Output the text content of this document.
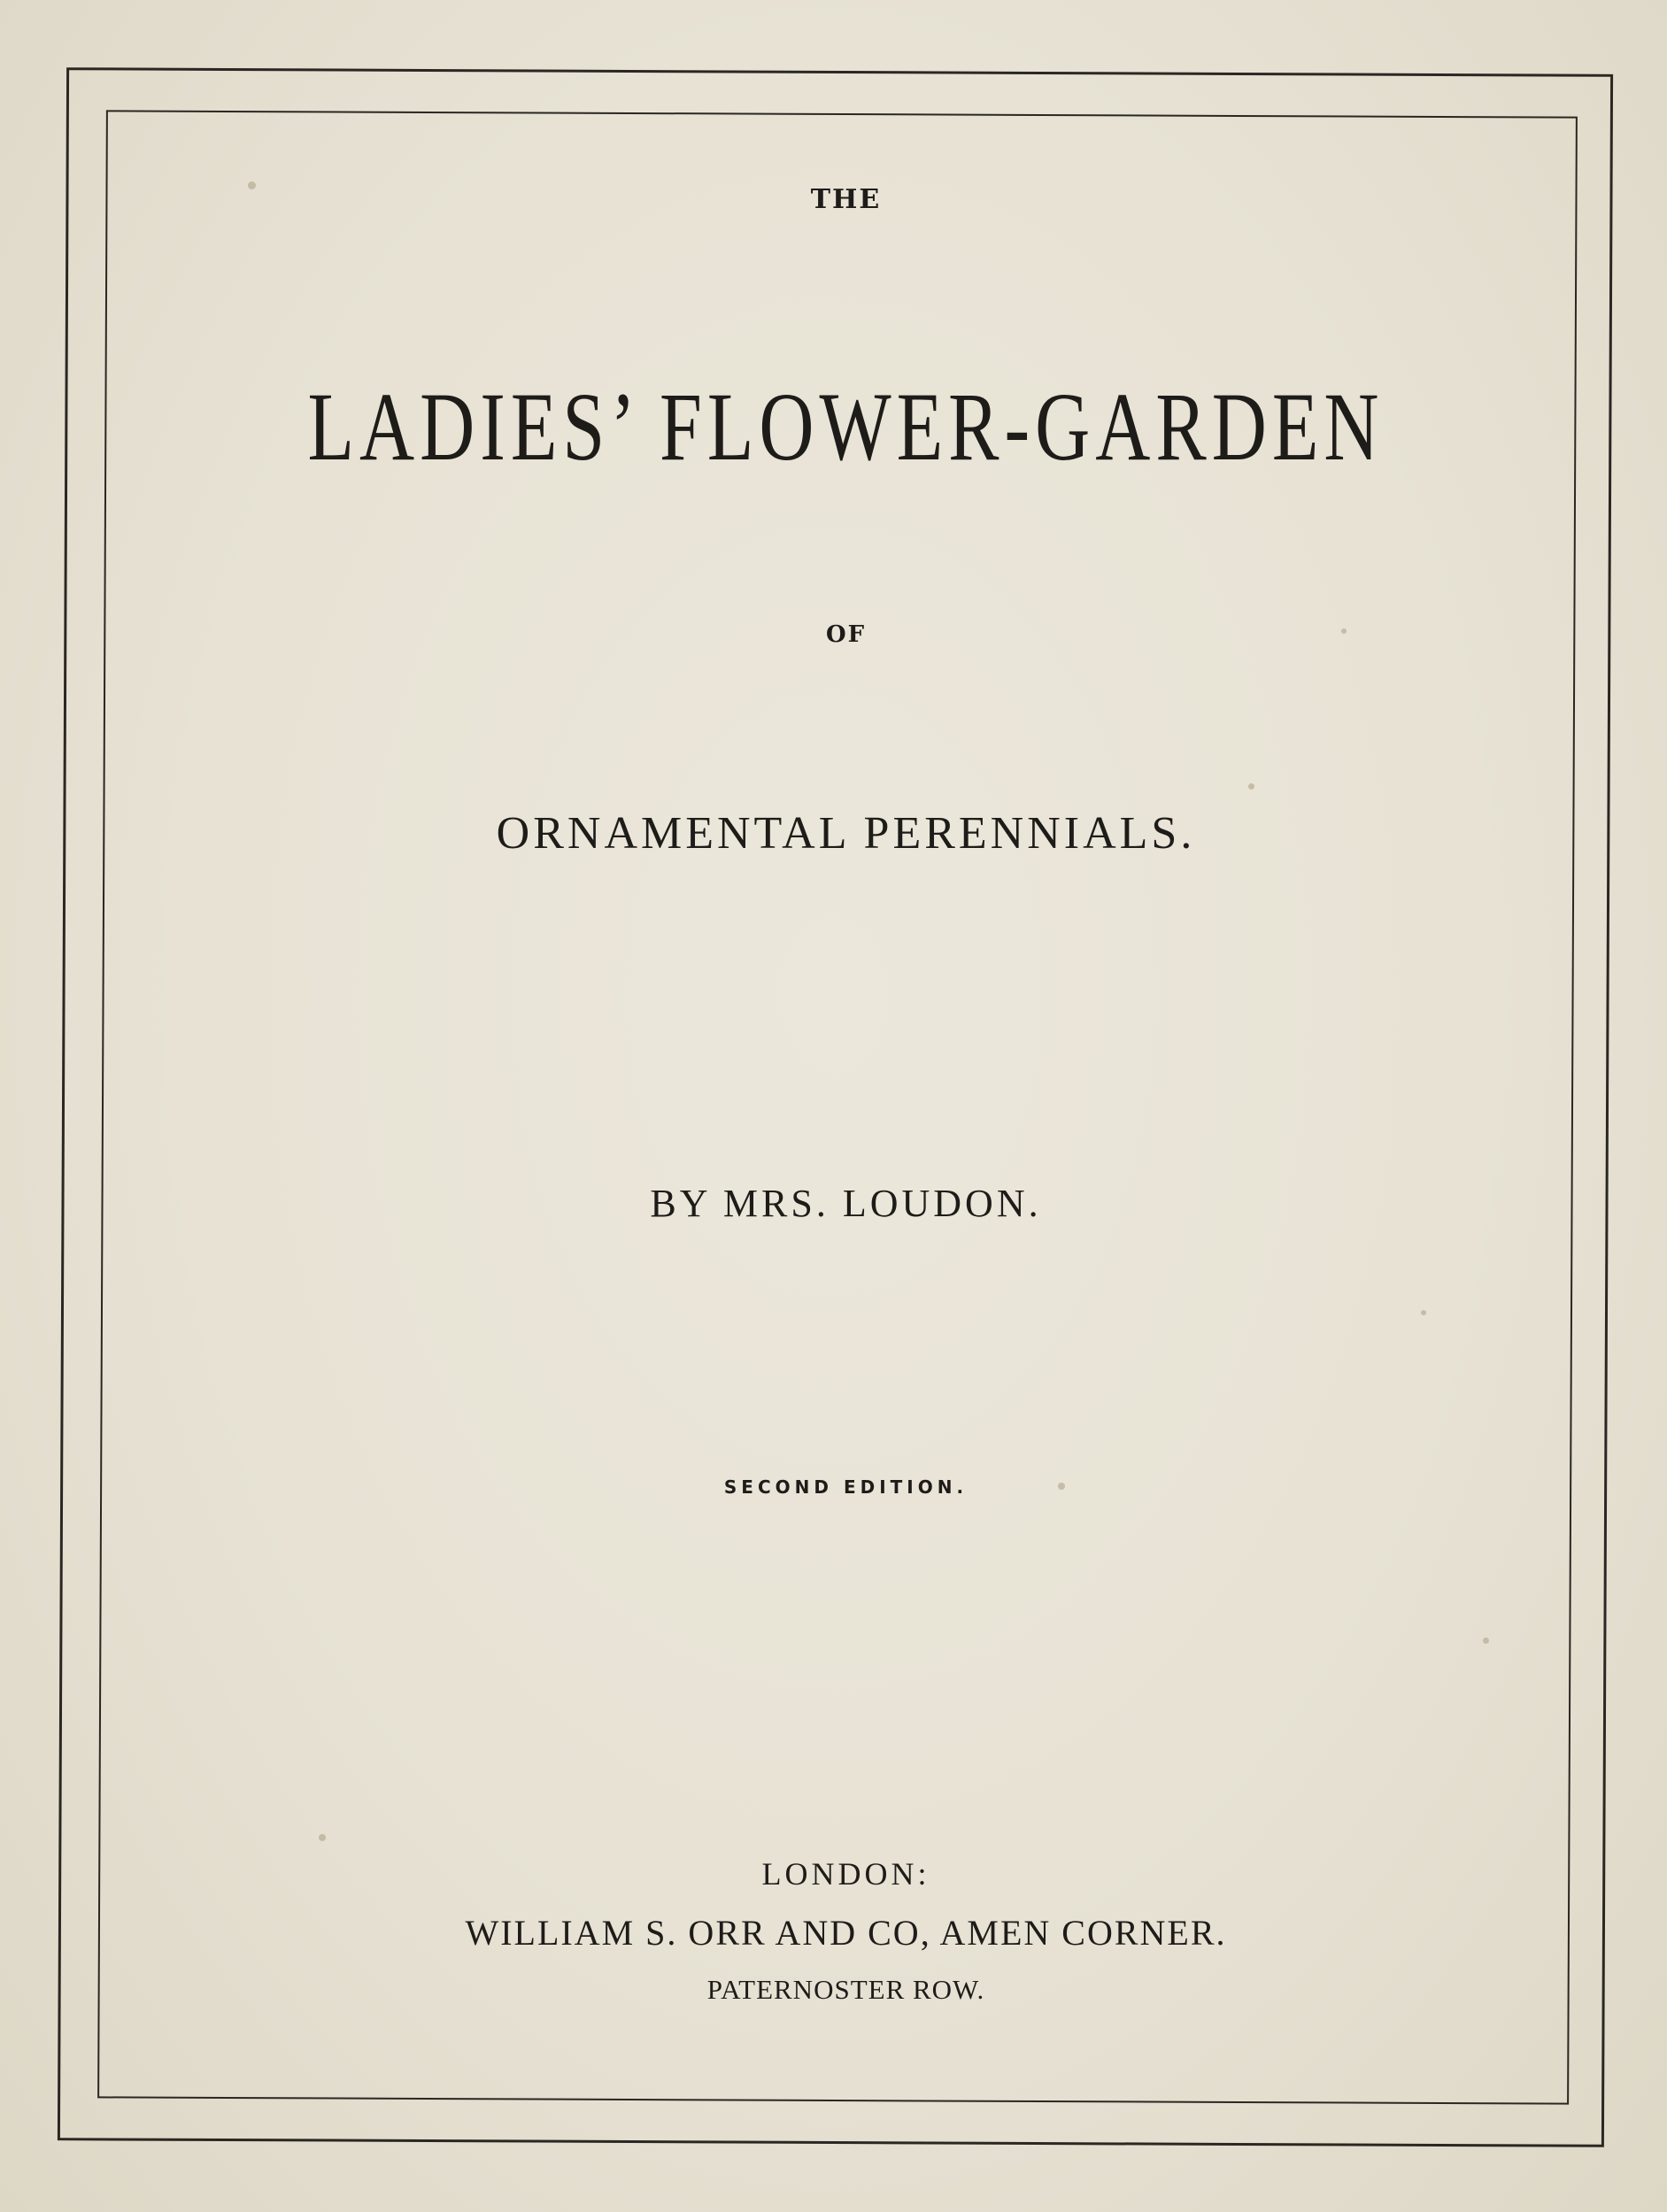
THE
LADIES’ FLOWER-GARDEN
OF
ORNAMENTAL PERENNIALS.
BY MRS. LOUDON.
SECOND EDITION.
LONDON:
WILLIAM S. ORR AND CO, AMEN CORNER.
PATERNOSTER ROW.
